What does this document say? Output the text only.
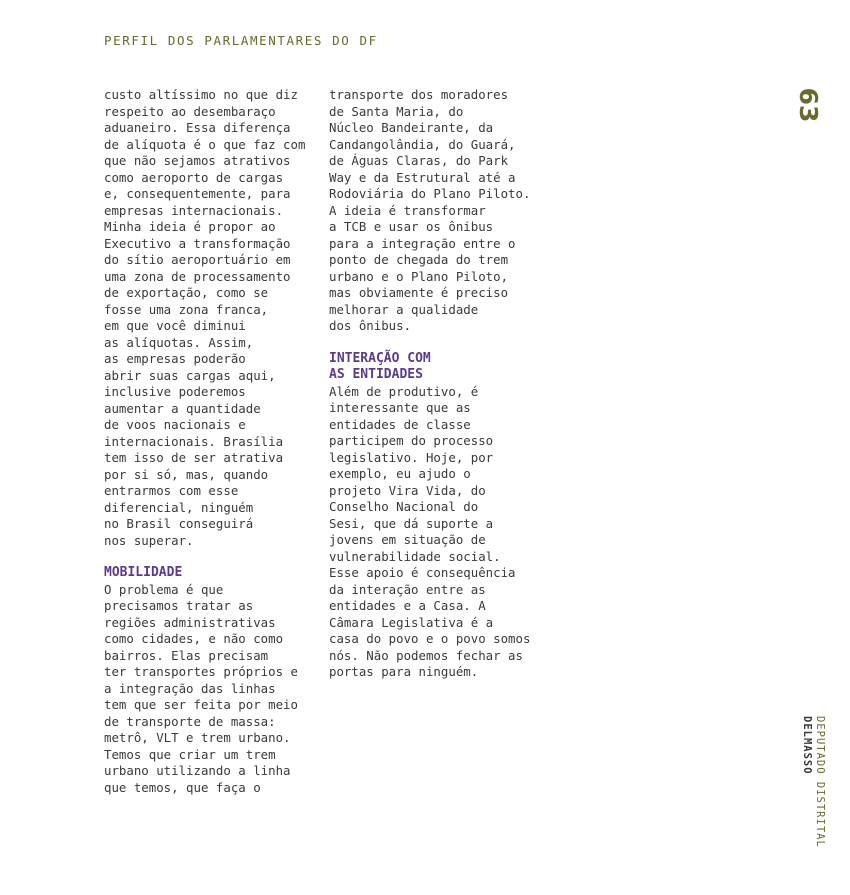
PERFIL DOS PARLAMENTARES DO DF
63
DEPUTADO DISTRITAL
DELMASSO
custo altíssimo no que diz
respeito ao desembaraço
aduaneiro. Essa diferença
de alíquota é o que faz com
que não sejamos atrativos
como aeroporto de cargas
e, consequentemente, para
empresas internacionais.
Minha ideia é propor ao
Executivo a transformação
do sítio aeroportuário em
uma zona de processamento
de exportação, como se
fosse uma zona franca,
em que você diminui
as alíquotas. Assim,
as empresas poderão
abrir suas cargas aqui,
inclusive poderemos
aumentar a quantidade
de voos nacionais e
internacionais. Brasília
tem isso de ser atrativa
por si só, mas, quando
entrarmos com esse
diferencial, ninguém
no Brasil conseguirá
nos superar.
MOBILIDADE
O problema é que
precisamos tratar as
regiões administrativas
como cidades, e não como
bairros. Elas precisam
ter transportes próprios e
a integração das linhas
tem que ser feita por meio
de transporte de massa:
metrô, VLT e trem urbano.
Temos que criar um trem
urbano utilizando a linha
que temos, que faça o
transporte dos moradores
de Santa Maria, do
Núcleo Bandeirante, da
Candangolândia, do Guará,
de Águas Claras, do Park
Way e da Estrutural até a
Rodoviária do Plano Piloto.
A ideia é transformar
a TCB e usar os ônibus
para a integração entre o
ponto de chegada do trem
urbano e o Plano Piloto,
mas obviamente é preciso
melhorar a qualidade
dos ônibus.
INTERAÇÃO COM
AS ENTIDADES
Além de produtivo, é
interessante que as
entidades de classe
participem do processo
legislativo. Hoje, por
exemplo, eu ajudo o
projeto Vira Vida, do
Conselho Nacional do
Sesi, que dá suporte a
jovens em situação de
vulnerabilidade social.
Esse apoio é consequência
da interação entre as
entidades e a Casa. A
Câmara Legislativa é a
casa do povo e o povo somos
nós. Não podemos fechar as
portas para ninguém.
